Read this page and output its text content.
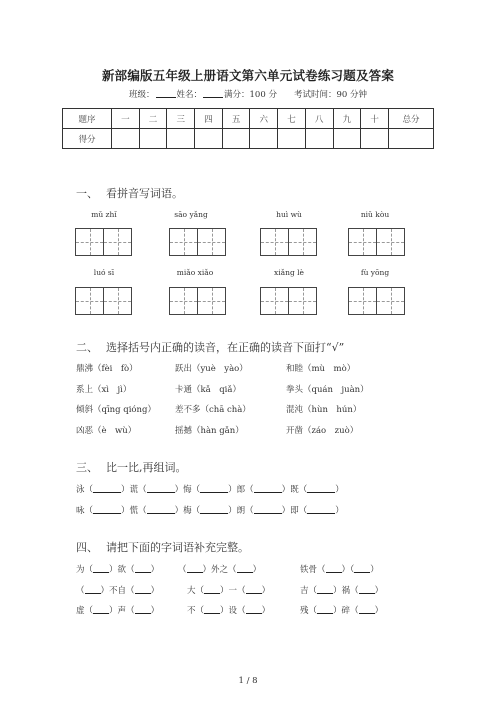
新部编版五年级上册语文第六单元试卷练习题及答案
班级：	姓名：	满分：100 分　　 考试时间：90 分钟
题序	一	二	三	四	五	六	七	八	九	十	总分
得分											
一、 看拼音写词语。
mǔ zhǐ	sāo yǎng	huì wù	niǔ kòu
luó sī	miǎo xiǎo	xiǎng lè	fù yōng
二、 选择括号内正确的读音，在正确的读音下面打“√”
鼎沸（fèi　fò）	跃出（yuè　yào）	和睦（mù　mò）
系上（xì　jì）	卡通（kǎ　qiǎ）	拳头（quán　juàn）
倾斜（qīng qióng） 差不多（chā chà）	混沌（hùn　hún）
凶恶（è　wù）	摇撼（hàn gǎn）	开凿（záo　zuò）
三、 比一比,再组词。
泳（	）谎（	）悔（	）郎（	）既（	）
咏（	）慌（	）梅（	）朗（	）即（	）
四、 请把下面的字词语补充完整。
为（ ）欲（ ） （ ）外之（ ）	铁骨（ ）（ ）
（ ）不自（ ）	大（ ）一（ ）	吉（ ）祸（ ）
虚（ ）声（ ）	不（ ）设（ ）	残（ ）碎（ ）
1 / 8
